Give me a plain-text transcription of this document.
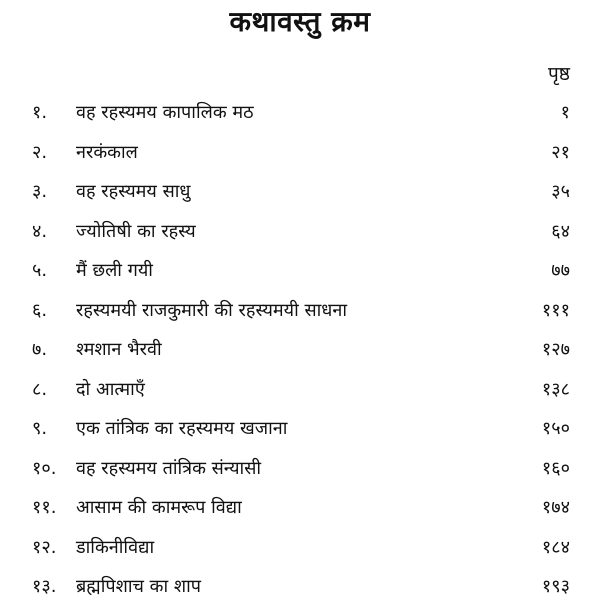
कथावस्तु क्रम
पृष्ठ
१.	वह रहस्यमय कापालिक मठ	१
२.	नरकंकाल	२१
३.	वह रहस्यमय साधु	३५
४.	ज्योतिषी का रहस्य	६४
५.	मैं छली गयी	७७
६.	रहस्यमयी राजकुमारी की रहस्यमयी साधना	१११
७.	श्मशान भैरवी	१२७
८.	दो आत्माएँ	१३८
९.	एक तांत्रिक का रहस्यमय खजाना	१५०
१०.	वह रहस्यमय तांत्रिक संन्यासी	१६०
११.	आसाम की कामरूप विद्या	१७४
१२.	डाकिनीविद्या	१८४
१३.	ब्रह्मपिशाच का शाप	१९३
